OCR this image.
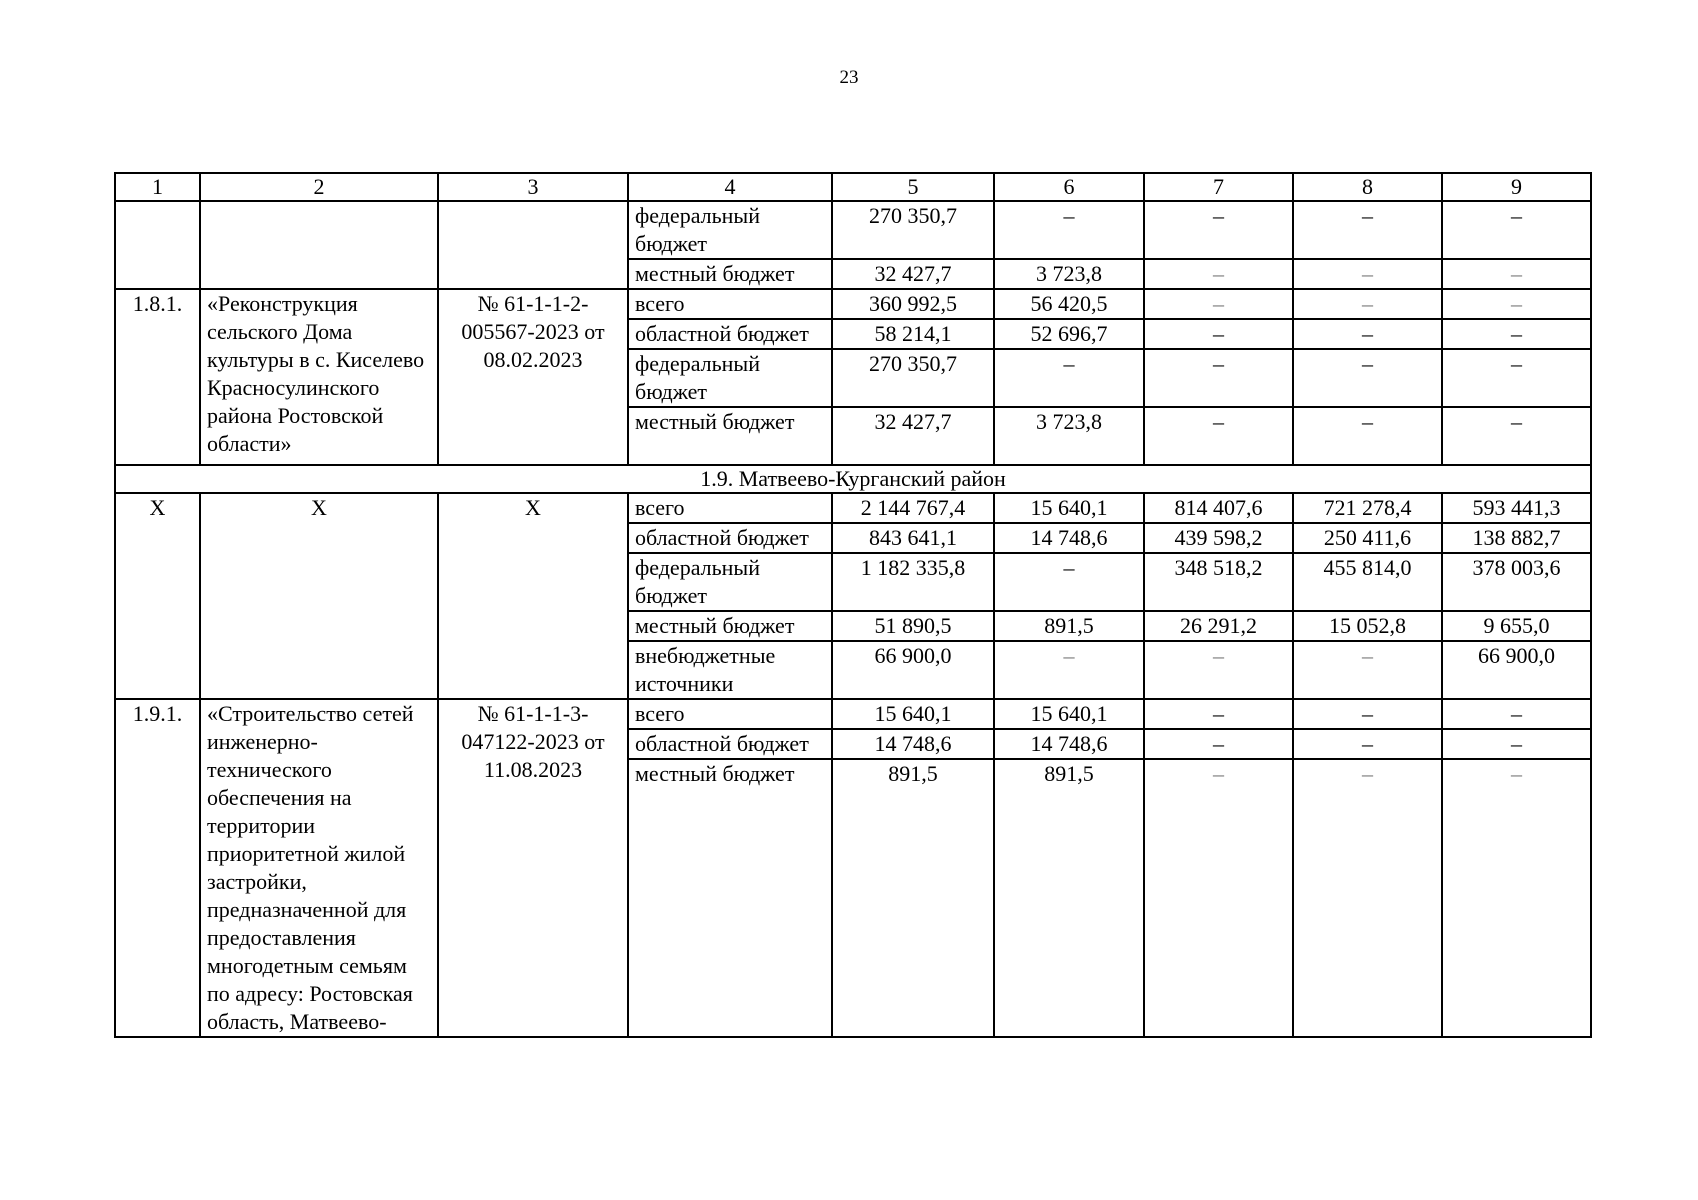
23
1	2	3	4	5	6	7	8	9
			федеральный бюджет	270 350,7	–	–	–	–
			местный бюджет	32 427,7	3 723,8	–	–	–
1.8.1.	«Реконструкция сельского Дома культуры в с. Киселево Красносулинского района Ростовской области»	№ 61-1-1-2-005567-2023 от 08.02.2023	всего	360 992,5	56 420,5	–	–	–
			областной бюджет	58 214,1	52 696,7	–	–	–
			федеральный бюджет	270 350,7	–	–	–	–
			местный бюджет	32 427,7	3 723,8	–	–	–
1.9. Матвеево-Курганский район								
Х	Х	Х	всего	2 144 767,4	15 640,1	814 407,6	721 278,4	593 441,3
			областной бюджет	843 641,1	14 748,6	439 598,2	250 411,6	138 882,7
			федеральный бюджет	1 182 335,8	–	348 518,2	455 814,0	378 003,6
			местный бюджет	51 890,5	891,5	26 291,2	15 052,8	9 655,0
			внебюджетные источники	66 900,0	–	–	–	66 900,0
1.9.1.	«Строительство сетей инженерно-технического обеспечения на территории приоритетной жилой застройки, предназначенной для предоставления многодетным семьям по адресу: Ростовская область, Матвеево-	№ 61-1-1-3-047122-2023 от 11.08.2023	всего	15 640,1	15 640,1	–	–	–
			областной бюджет	14 748,6	14 748,6	–	–	–
			местный бюджет	891,5	891,5	–	–	–
